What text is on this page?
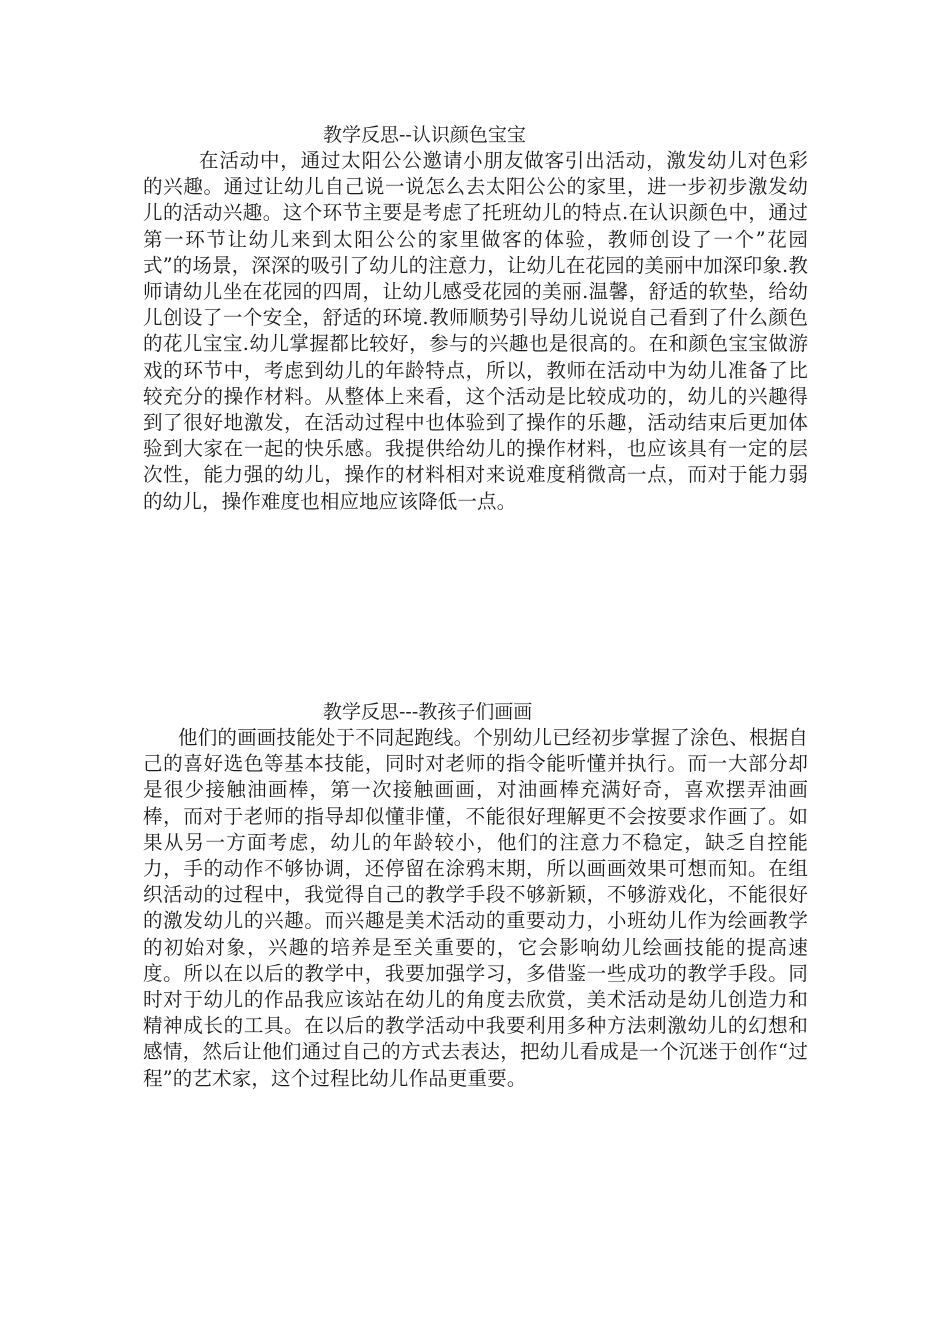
教学反思--认识颜色宝宝

在活动中，通过太阳公公邀请小朋友做客引出活动，激发幼儿对色彩的兴趣。通过让幼儿自己说一说怎么去太阳公公的家里，进一步初步激发幼儿的活动兴趣。这个环节主要是考虑了托班幼儿的特点.在认识颜色中，通过第一环节让幼儿来到太阳公公的家里做客的体验，教师创设了一个”花园式”的场景，深深的吸引了幼儿的注意力，让幼儿在花园的美丽中加深印象.教师请幼儿坐在花园的四周，让幼儿感受花园的美丽.温馨，舒适的软垫，给幼儿创设了一个安全，舒适的环境.教师顺势引导幼儿说说自己看到了什么颜色的花儿宝宝.幼儿掌握都比较好，参与的兴趣也是很高的。在和颜色宝宝做游戏的环节中，考虑到幼儿的年龄特点，所以，教师在活动中为幼儿准备了比较充分的操作材料。从整体上来看，这个活动是比较成功的，幼儿的兴趣得到了很好地激发，在活动过程中也体验到了操作的乐趣，活动结束后更加体验到大家在一起的快乐感。我提供给幼儿的操作材料，也应该具有一定的层次性，能力强的幼儿，操作的材料相对来说难度稍微高一点，而对于能力弱的幼儿，操作难度也相应地应该降低一点。

教学反思---教孩子们画画

他们的画画技能处于不同起跑线。个别幼儿已经初步掌握了涂色、根据自己的喜好选色等基本技能，同时对老师的指令能听懂并执行。而一大部分却是很少接触油画棒，第一次接触画画，对油画棒充满好奇，喜欢摆弄油画棒，而对于老师的指导却似懂非懂，不能很好理解更不会按要求作画了。如果从另一方面考虑，幼儿的年龄较小，他们的注意力不稳定，缺乏自控能力，手的动作不够协调，还停留在涂鸦末期，所以画画效果可想而知。在组织活动的过程中，我觉得自己的教学手段不够新颖，不够游戏化，不能很好的激发幼儿的兴趣。而兴趣是美术活动的重要动力，小班幼儿作为绘画教学的初始对象，兴趣的培养是至关重要的，它会影响幼儿绘画技能的提高速度。所以在以后的教学中，我要加强学习，多借鉴一些成功的教学手段。同时对于幼儿的作品我应该站在幼儿的角度去欣赏，美术活动是幼儿创造力和精神成长的工具。在以后的教学活动中我要利用多种方法刺激幼儿的幻想和感情，然后让他们通过自己的方式去表达，把幼儿看成是一个沉迷于创作“过程”的艺术家，这个过程比幼儿作品更重要。
